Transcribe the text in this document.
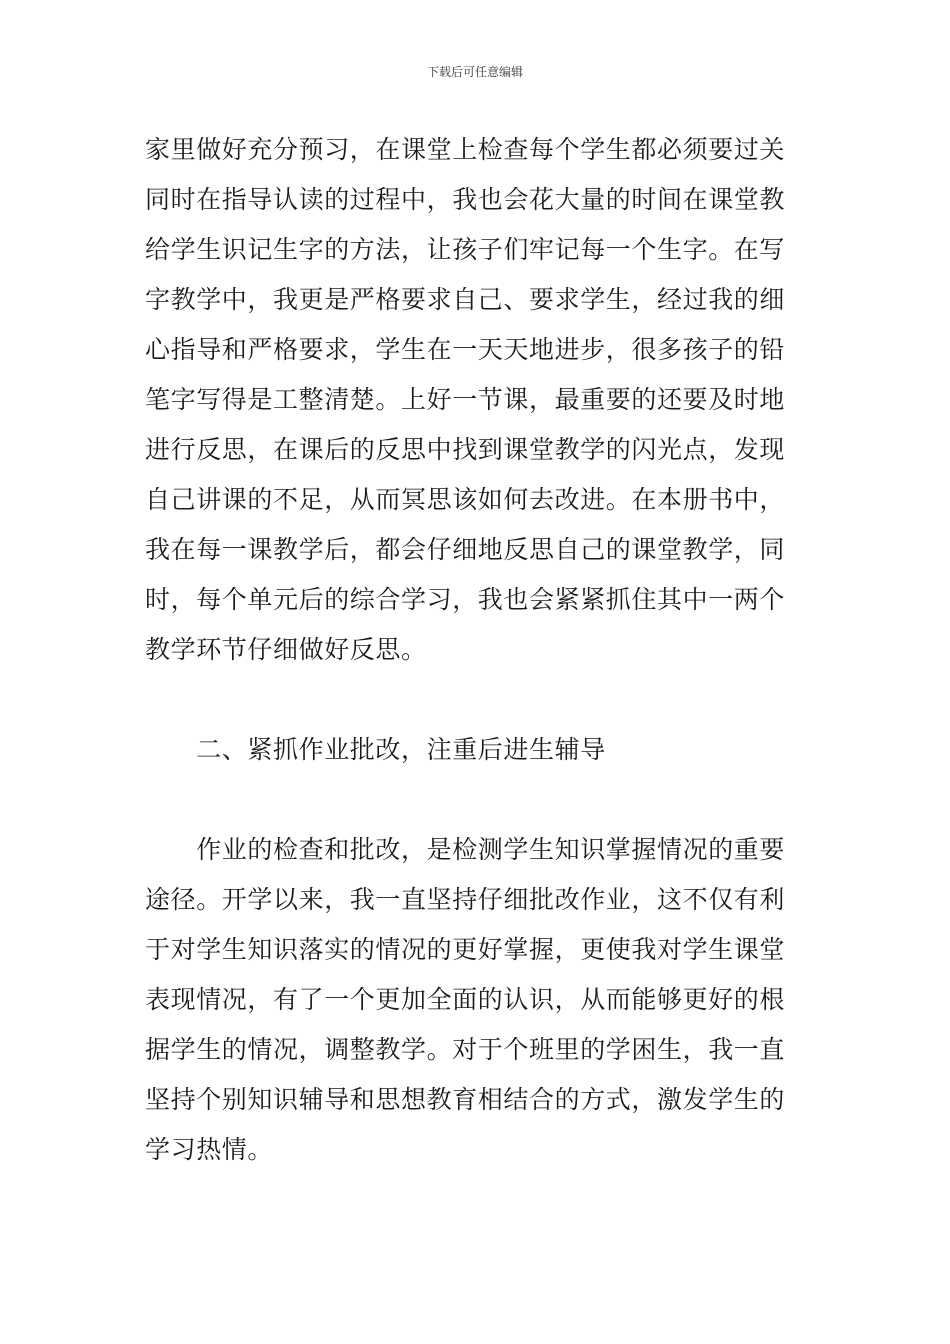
下载后可任意编辑
家里做好充分预习，在课堂上检查每个学生都必须要过关
同时在指导认读的过程中，我也会花大量的时间在课堂教
给学生识记生字的方法，让孩子们牢记每一个生字。在写
字教学中，我更是严格要求自己、要求学生，经过我的细
心指导和严格要求，学生在一天天地进步，很多孩子的铅
笔字写得是工整清楚。上好一节课，最重要的还要及时地
进行反思，在课后的反思中找到课堂教学的闪光点，发现
自己讲课的不足，从而冥思该如何去改进。在本册书中，
我在每一课教学后，都会仔细地反思自己的课堂教学，同
时，每个单元后的综合学习，我也会紧紧抓住其中一两个
教学环节仔细做好反思。
　　二、紧抓作业批改，注重后进生辅导
　　作业的检查和批改，是检测学生知识掌握情况的重要
途径。开学以来，我一直坚持仔细批改作业，这不仅有利
于对学生知识落实的情况的更好掌握，更使我对学生课堂
表现情况，有了一个更加全面的认识，从而能够更好的根
据学生的情况，调整教学。对于个班里的学困生，我一直
坚持个别知识辅导和思想教育相结合的方式，激发学生的
学习热情。
